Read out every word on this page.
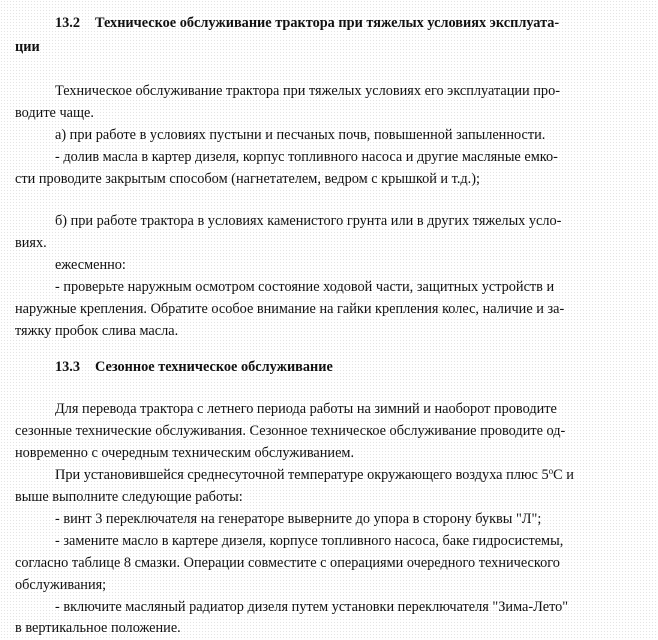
13.2 Техническое обслуживание трактора при тяжелых условиях эксплуата-
ции
Техническое обслуживание трактора при тяжелых условиях его эксплуатации про-
водите чаще.
а) при работе в условиях пустыни и песчаных почв, повышенной запыленности.
- долив масла в картер дизеля, корпус топливного насоса и другие масляные емко-
сти проводите закрытым способом (нагнетателем, ведром с крышкой и т.д.);
б) при работе трактора в условиях каменистого грунта или в других тяжелых усло-
виях.
ежесменно:
- проверьте наружным осмотром состояние ходовой части, защитных устройств и
наружные крепления. Обратите особое внимание на гайки крепления колес, наличие и за-
тяжку пробок слива масла.
13.3 Сезонное техническое обслуживание
Для перевода трактора с летнего периода работы на зимний и наоборот проводите
сезонные технические обслуживания. Сезонное техническое обслуживание проводите од-
новременно с очередным техническим обслуживанием.
При установившейся среднесуточной температуре окружающего воздуха плюс $5^оС$ и
выше выполните следующие работы:
- винт 3 переключателя на генераторе выверните до упора в сторону буквы "Л";
- замените масло в картере дизеля, корпусе топливного насоса, баке гидросистемы,
согласно таблице 8 смазки. Операции совместите с операциями очередного технического
обслуживания;
- включите масляный радиатор дизеля путем установки переключателя "Зима-Лето"
в вертикальное положение.
